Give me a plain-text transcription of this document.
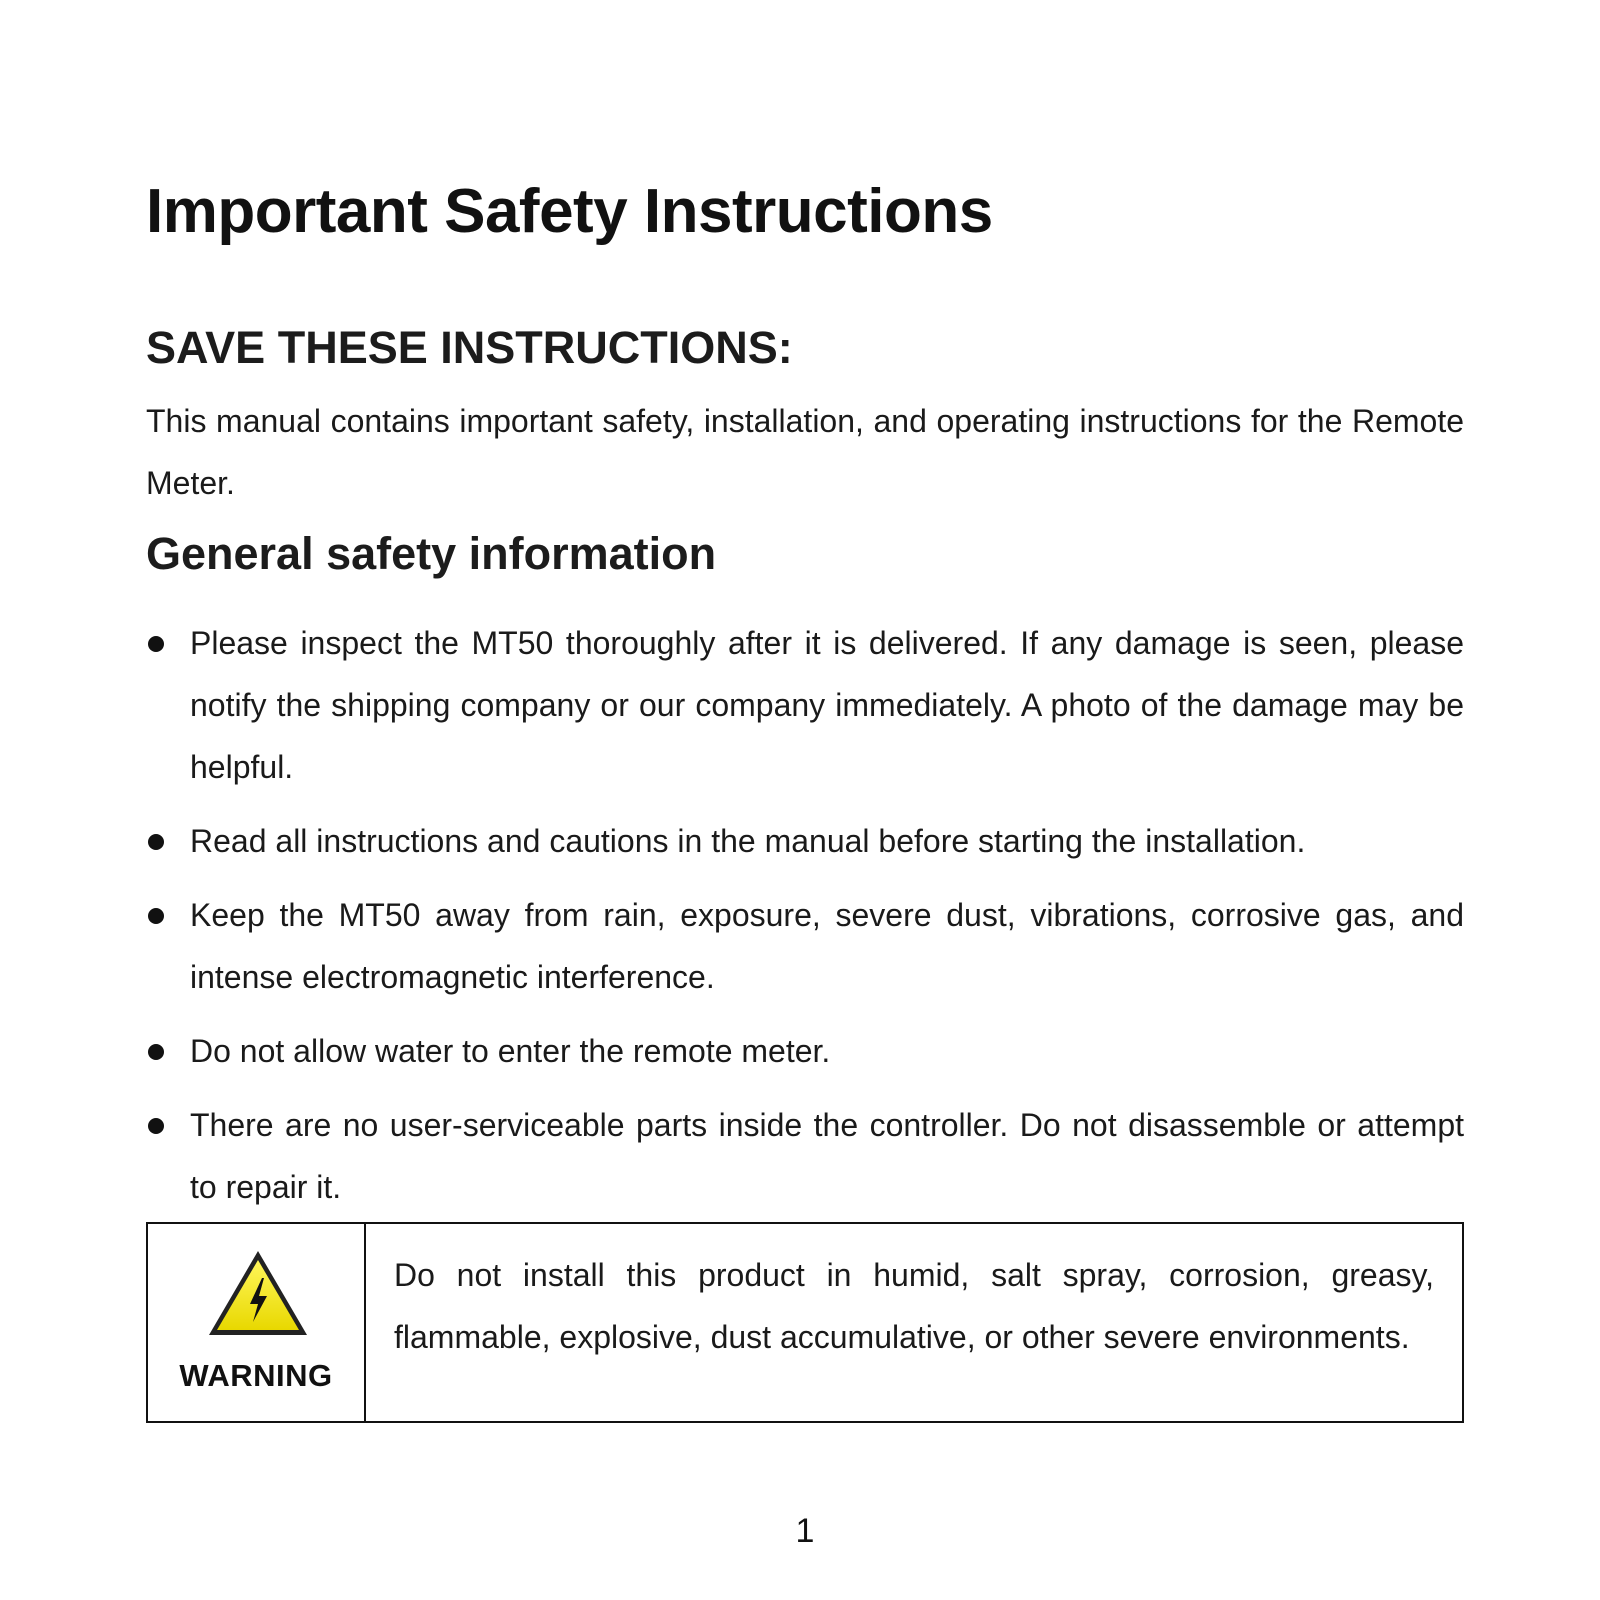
Important Safety Instructions
SAVE THESE INSTRUCTIONS:

This manual contains important safety, installation, and operating instructions for the Remote Meter.

General safety information
Please inspect the MT50 thoroughly after it is delivered. If any damage is seen, please notify the shipping company or our company immediately. A photo of the damage may be helpful.
Read all instructions and cautions in the manual before starting the installation.
Keep the MT50 away from rain, exposure, severe dust, vibrations, corrosive gas, and intense electromagnetic interference.
Do not allow water to enter the remote meter.
There are no user-serviceable parts inside the controller. Do not disassemble or attempt to repair it.
WARNING
Do not install this product in humid, salt spray, corrosion, greasy, flammable, explosive, dust accumulative, or other severe environments.
1
